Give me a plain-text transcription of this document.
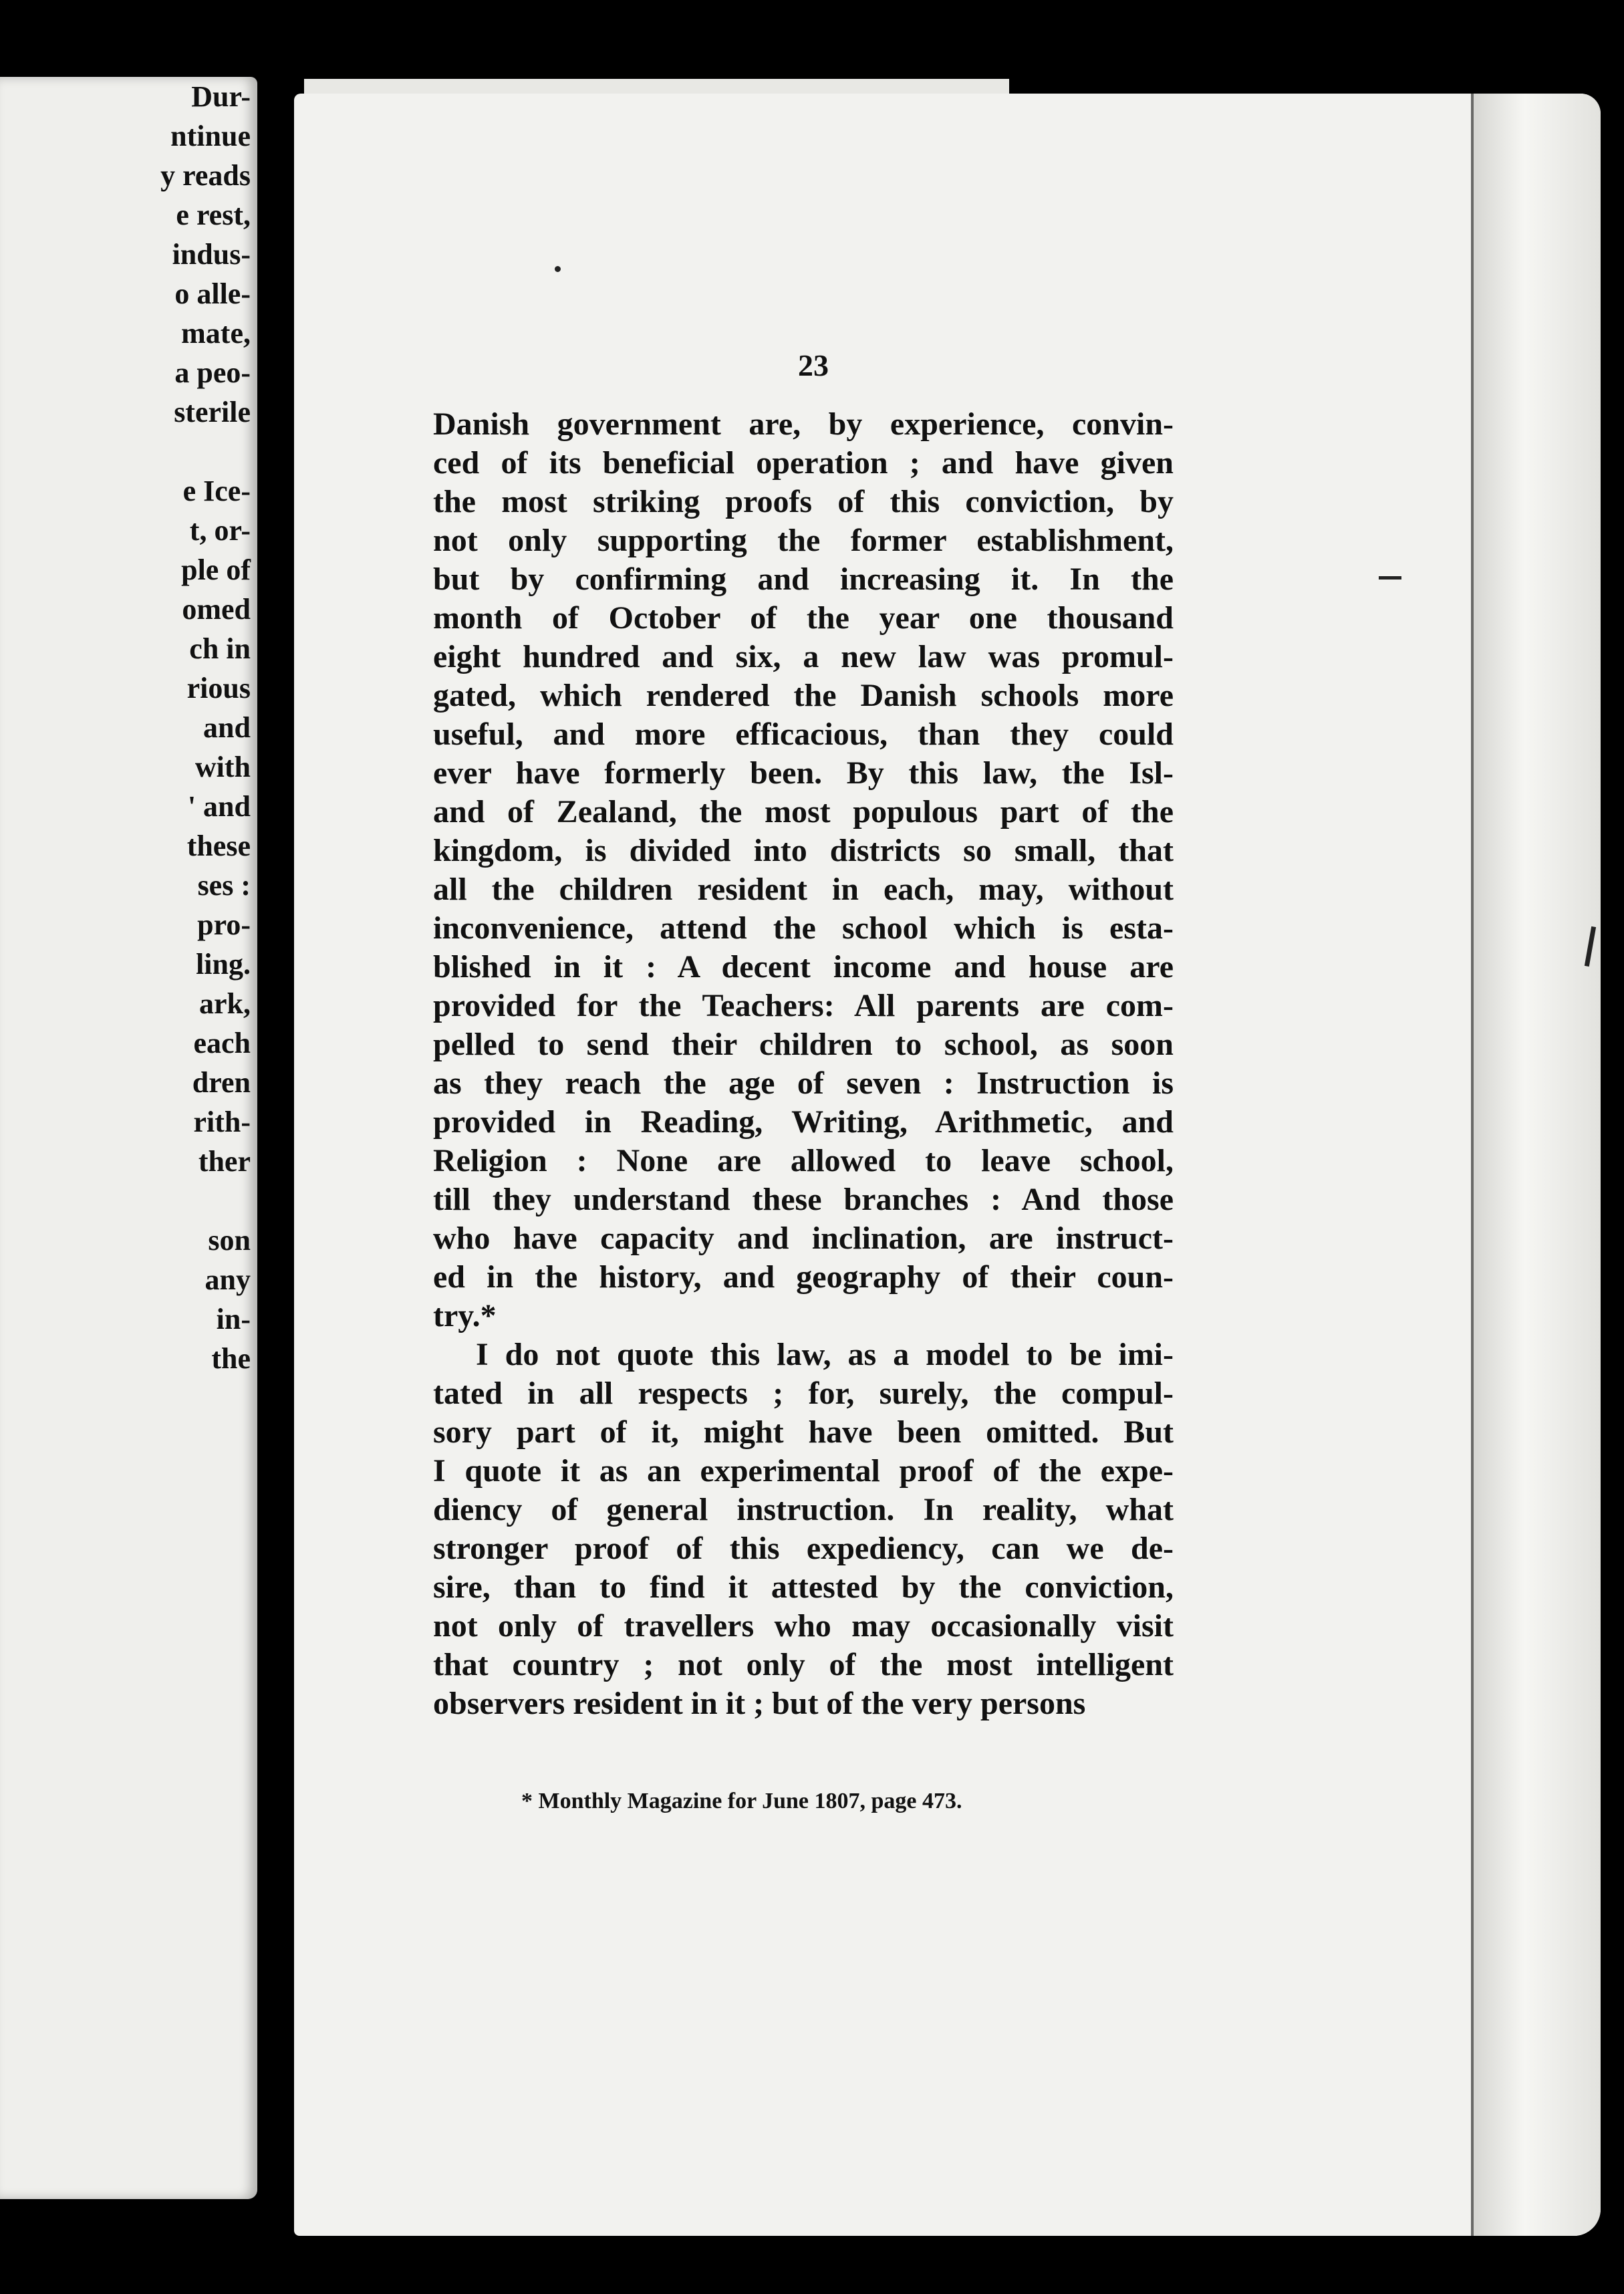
Dur-
ntinue
y reads
e rest,
indus-
o alle-
mate,
a peo-
sterile

e Ice-
t, or-
ple of
omed
ch in
rious
and
with
' and
these
ses :
pro-
ling.
ark,
each
dren
rith-
ther

son
any
in-
the
23
Danish government are, by experience, convin-
ced of its beneficial operation ; and have given
the most striking proofs of this conviction, by
not only supporting the former establishment,
but by confirming and increasing it. In the
month of October of the year one thousand
eight hundred and six, a new law was promul-
gated, which rendered the Danish schools more
useful, and more efficacious, than they could
ever have formerly been. By this law, the Isl-
and of Zealand, the most populous part of the
kingdom, is divided into districts so small, that
all the children resident in each, may, without
inconvenience, attend the school which is esta-
blished in it : A decent income and house are
provided for the Teachers: All parents are com-
pelled to send their children to school, as soon
as they reach the age of seven : Instruction is
provided in Reading, Writing, Arithmetic, and
Religion : None are allowed to leave school,
till they understand these branches : And those
who have capacity and inclination, are instruct-
ed in the history, and geography of their coun-
try.*
I do not quote this law, as a model to be imi-
tated in all respects ; for, surely, the compul-
sory part of it, might have been omitted. But
I quote it as an experimental proof of the expe-
diency of general instruction. In reality, what
stronger proof of this expediency, can we de-
sire, than to find it attested by the conviction,
not only of travellers who may occasionally visit
that country ; not only of the most intelligent
observers resident in it ; but of the very persons
* Monthly Magazine for June 1807, page 473.
